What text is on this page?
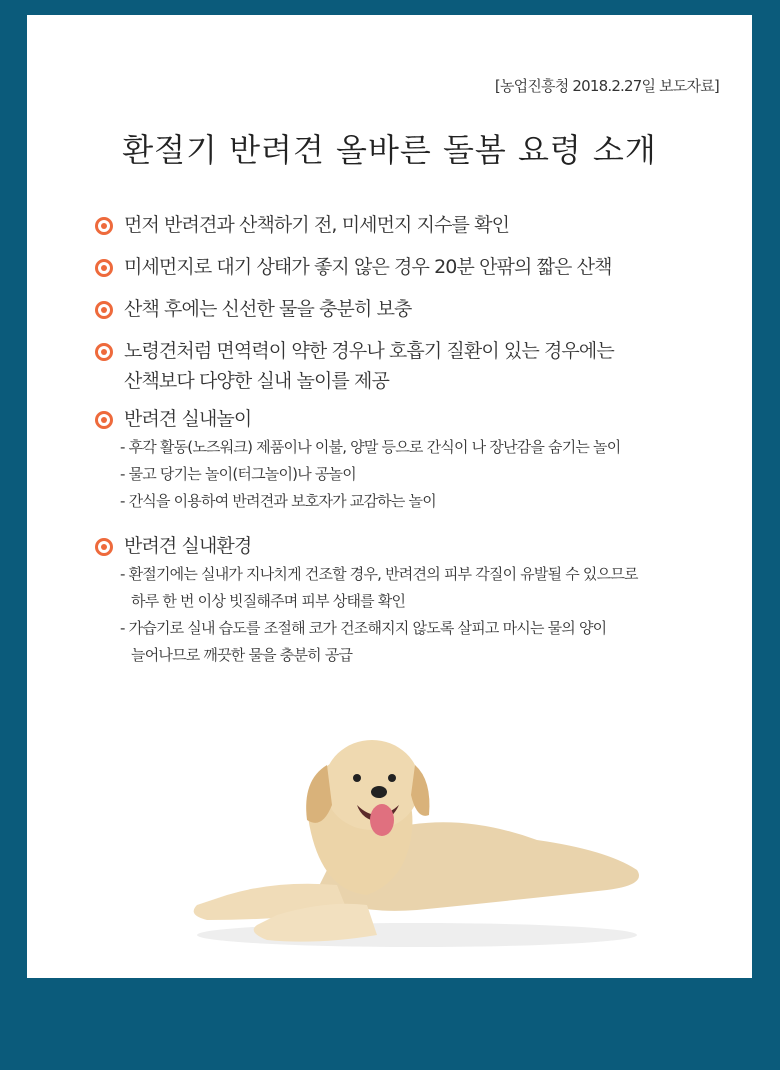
[농업진흥청 2018.2.27일 보도자료]
환절기 반려견 올바른 돌봄 요령 소개
먼저 반려견과 산책하기 전, 미세먼지 지수를 확인
미세먼지로 대기 상태가 좋지 않은 경우 20분 안팎의 짧은 산책
산책 후에는 신선한 물을 충분히 보충
노령견처럼 면역력이 약한 경우나 호흡기 질환이 있는 경우에는
산책보다 다양한 실내 놀이를 제공
반려견 실내놀이
- 후각 활동(노즈워크) 제품이나 이불, 양말 등으로 간식이 나 장난감을 숨기는 놀이
- 물고 당기는 놀이(터그놀이)나 공놀이
- 간식을 이용하여 반려견과 보호자가 교감하는 놀이
반려견 실내환경
- 환절기에는 실내가 지나치게 건조할 경우, 반려견의 피부 각질이 유발될 수 있으므로
하루 한 번 이상 빗질해주며 피부 상태를 확인
- 가습기로 실내 습도를 조절해 코가 건조해지지 않도록 살피고 마시는 물의 양이
늘어나므로 깨끗한 물을 충분히 공급
